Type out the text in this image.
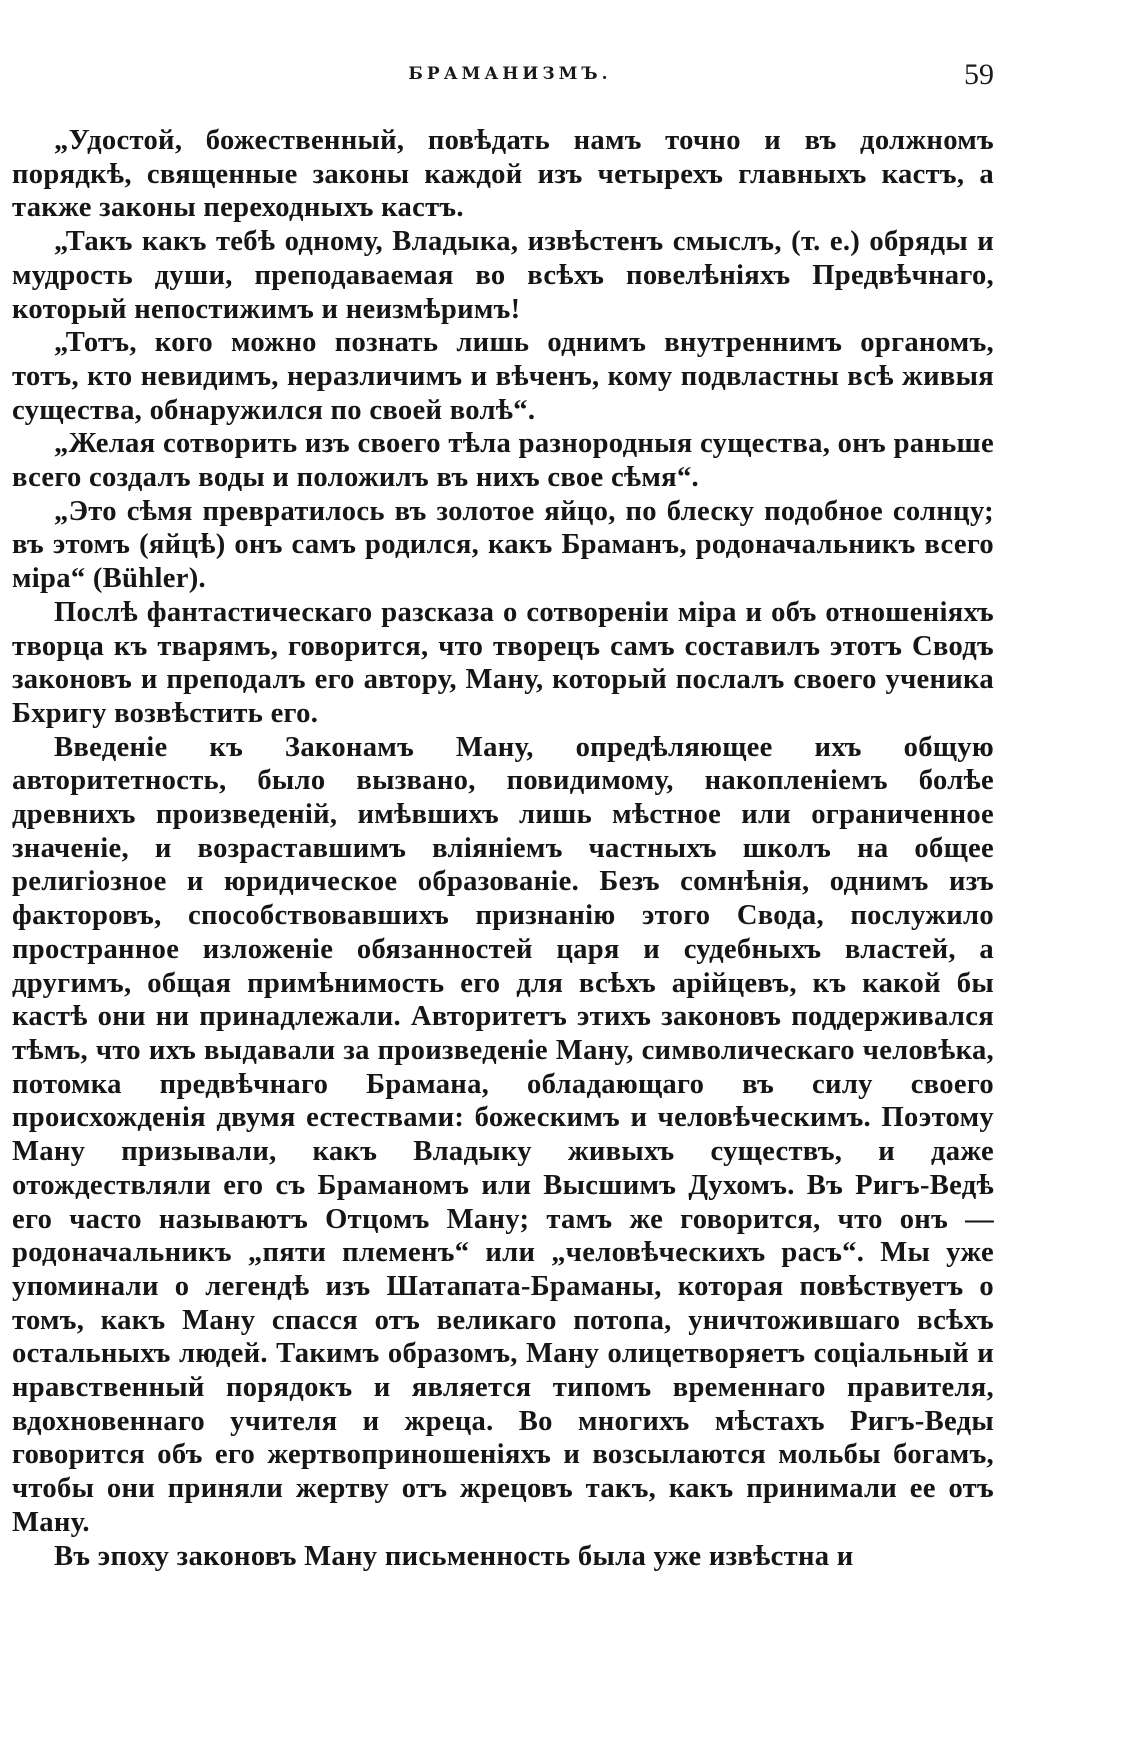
БРАМАНИЗМЪ.	59

„Удостой, божественный, повѣдать намъ точно и въ должномъ порядкѣ, священные законы каждой изъ четырехъ главныхъ кастъ, а также законы переходныхъ кастъ.

„Такъ какъ тебѣ одному, Владыка, извѣстенъ смыслъ, (т. е.) обряды и мудрость души, преподаваемая во всѣхъ повелѣніяхъ Предвѣчнаго, который непостижимъ и неизмѣримъ!

„Тотъ, кого можно познать лишь однимъ внутреннимъ органомъ, тотъ, кто невидимъ, неразличимъ и вѣченъ, кому подвластны всѣ живыя существа, обнаружился по своей волѣ“.

„Желая сотворить изъ своего тѣла разнородныя существа, онъ раньше всего создалъ воды и положилъ въ нихъ свое сѣмя“.

„Это сѣмя превратилось въ золотое яйцо, по блеску подобное солнцу; въ этомъ (яйцѣ) онъ самъ родился, какъ Браманъ, родоначальникъ всего міра“ (Bühler).

Послѣ фантастическаго разсказа о сотвореніи міра и объ отношеніяхъ творца къ тварямъ, говорится, что творецъ самъ составилъ этотъ Сводъ законовъ и преподалъ его автору, Ману, который послалъ своего ученика Бхригу возвѣстить его.

Введеніе къ Законамъ Ману, опредѣляющее ихъ общую авторитетность, было вызвано, повидимому, накопленіемъ болѣе древнихъ произведеній, имѣвшихъ лишь мѣстное или ограниченное значеніе, и возраставшимъ вліяніемъ частныхъ школъ на общее религіозное и юридическое образованіе. Безъ сомнѣнія, однимъ изъ факторовъ, способствовавшихъ признанію этого Свода, послужило пространное изложеніе обязанностей царя и судебныхъ властей, а другимъ, общая примѣнимость его для всѣхъ арійцевъ, къ какой бы кастѣ они ни принадлежали. Авторитетъ этихъ законовъ поддерживался тѣмъ, что ихъ выдавали за произведеніе Ману, символическаго человѣка, потомка предвѣчнаго Брамана, обладающаго въ силу своего происхожденія двумя естествами: божескимъ и человѣческимъ. Поэтому Ману призывали, какъ Владыку живыхъ существъ, и даже отождествляли его съ Браманомъ или Высшимъ Духомъ. Въ Ригъ-Ведѣ его часто называютъ Отцомъ Ману; тамъ же говорится, что онъ — родоначальникъ „пяти племенъ“ или „человѣческихъ расъ“. Мы уже упоминали о легендѣ изъ Шатапата-Браманы, которая повѣствуетъ о томъ, какъ Ману спасся отъ великаго потопа, уничтожившаго всѣхъ остальныхъ людей. Такимъ образомъ, Ману олицетворяетъ соціальный и нравственный порядокъ и является типомъ временнаго правителя, вдохновеннаго учителя и жреца. Во многихъ мѣстахъ Ригъ-Веды говорится объ его жертвоприношеніяхъ и возсылаются мольбы богамъ, чтобы они приняли жертву отъ жрецовъ такъ, какъ принимали ее отъ Ману.

Въ эпоху законовъ Ману письменность была уже извѣстна и
